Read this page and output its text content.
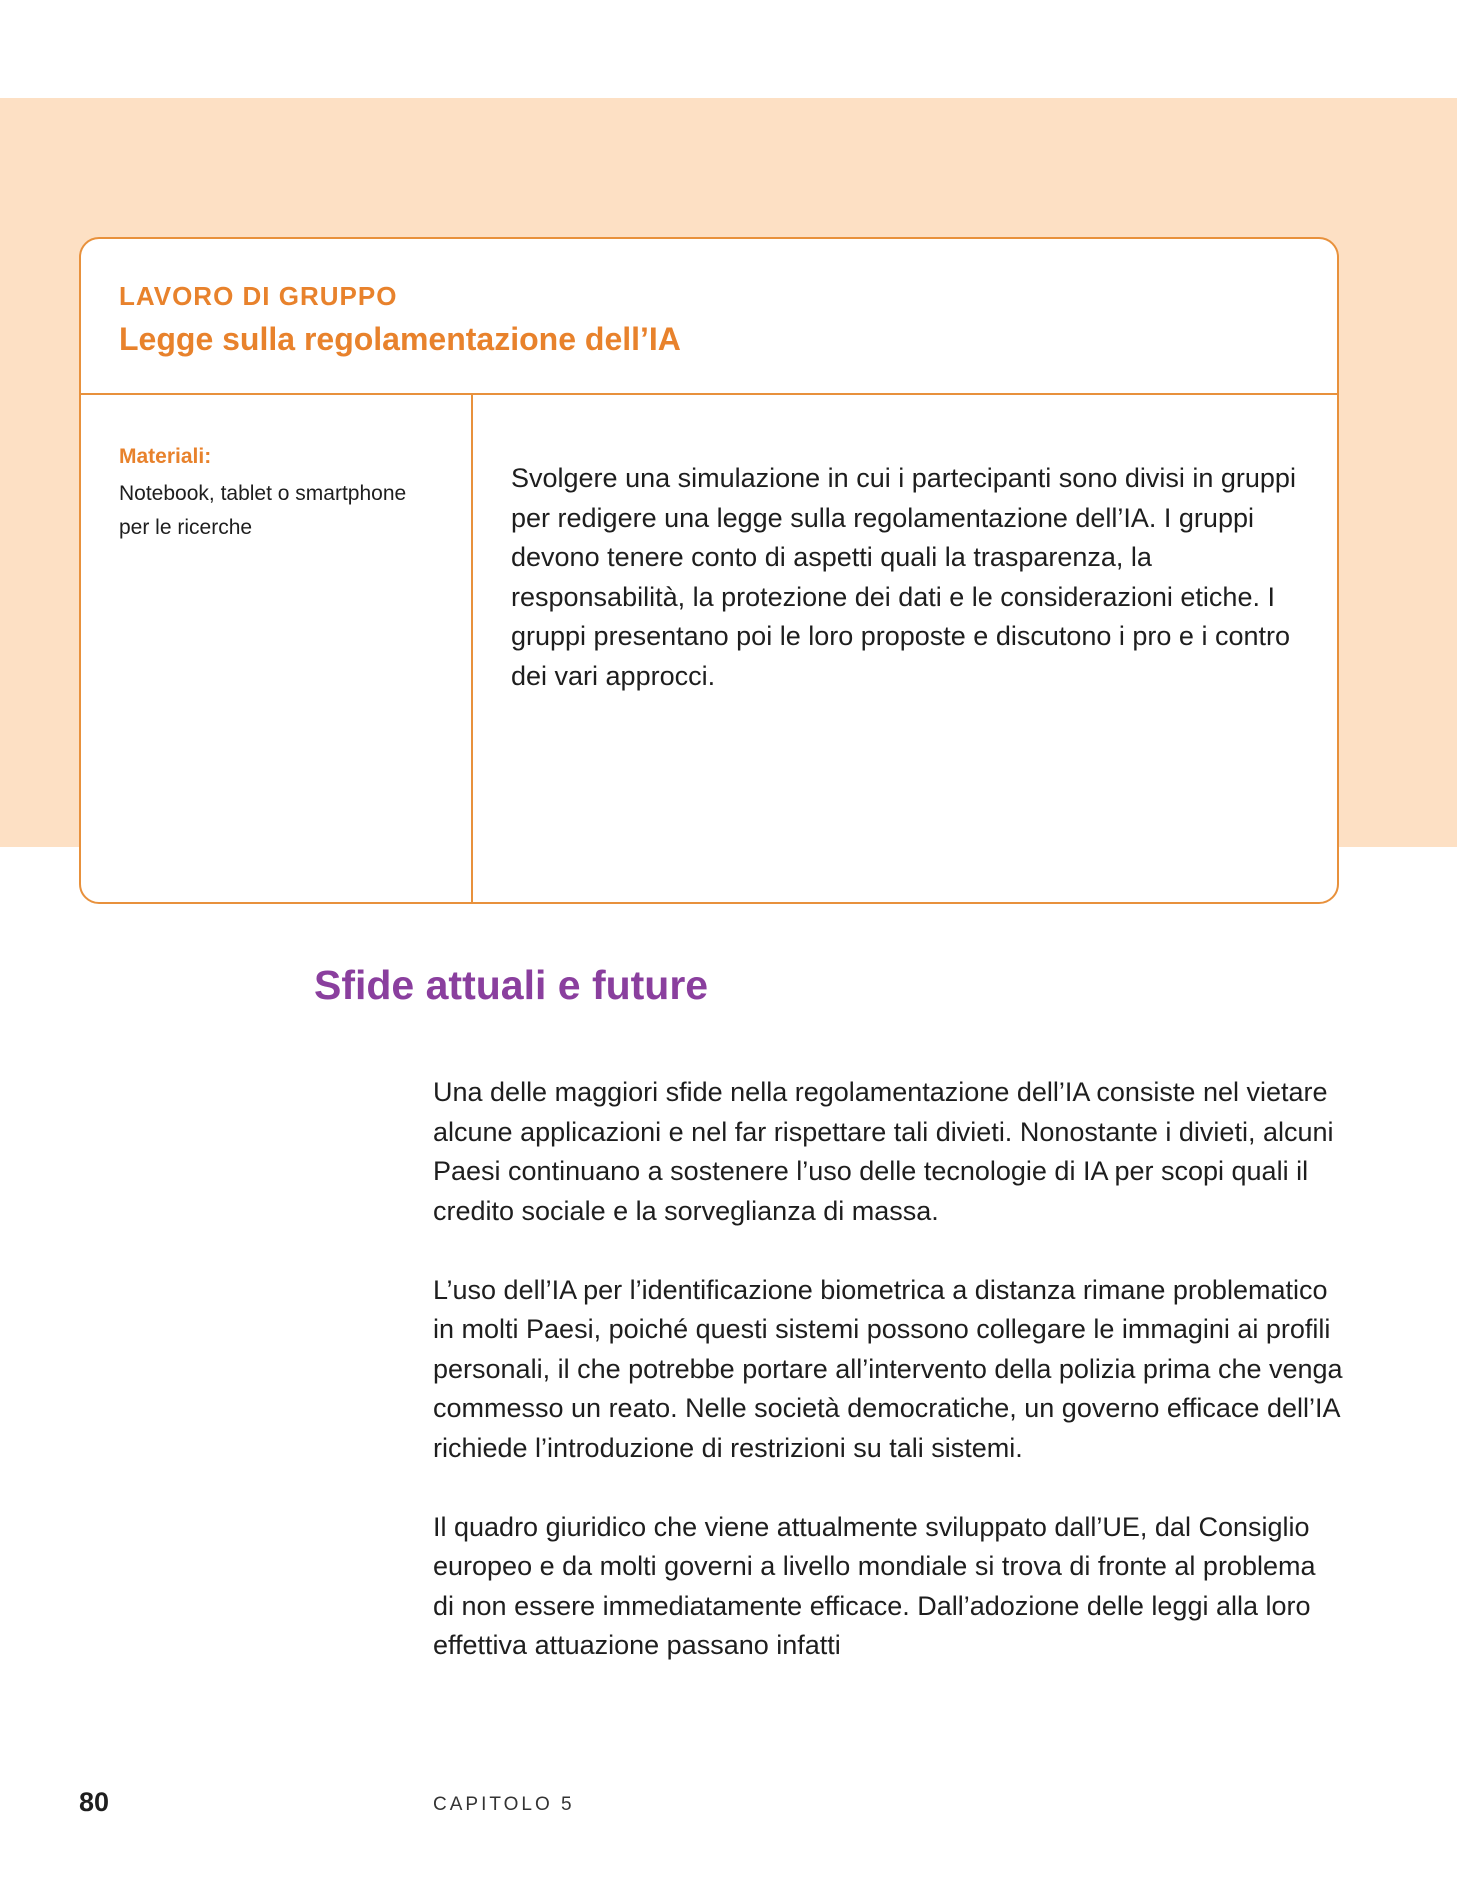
LAVORO DI GRUPPO
Legge sulla regolamentazione dell’IA
Materiali:
Notebook, tablet o smartphone per le ricerche
Svolgere una simulazione in cui i partecipanti sono divisi in gruppi per redigere una legge sulla regolamentazione dell’IA. I gruppi devono tenere conto di aspetti quali la trasparenza, la responsabilità, la protezione dei dati e le considerazioni etiche. I gruppi presentano poi le loro proposte e discutono i pro e i contro dei vari approcci.
Sfide attuali e future

Una delle maggiori sfide nella regolamentazione dell’IA consiste nel vietare alcune applicazioni e nel far rispettare tali divieti. Nonostante i divieti, alcuni Paesi continuano a sostenere l’uso delle tecnologie di IA per scopi quali il credito sociale e la sorveglianza di massa.

L’uso dell’IA per l’identificazione biometrica a distanza rimane problematico in molti Paesi, poiché questi sistemi possono collegare le immagini ai profili personali, il che potrebbe portare all’intervento della polizia prima che venga commesso un reato. Nelle società democratiche, un governo efficace dell’IA richiede l’introduzione di restrizioni su tali sistemi.

Il quadro giuridico che viene attualmente sviluppato dall’UE, dal Consiglio europeo e da molti governi a livello mondiale si trova di fronte al problema di non essere immediatamente efficace. Dall’adozione delle leggi alla loro effettiva attuazione passano infatti

80	CAPITOLO 5
